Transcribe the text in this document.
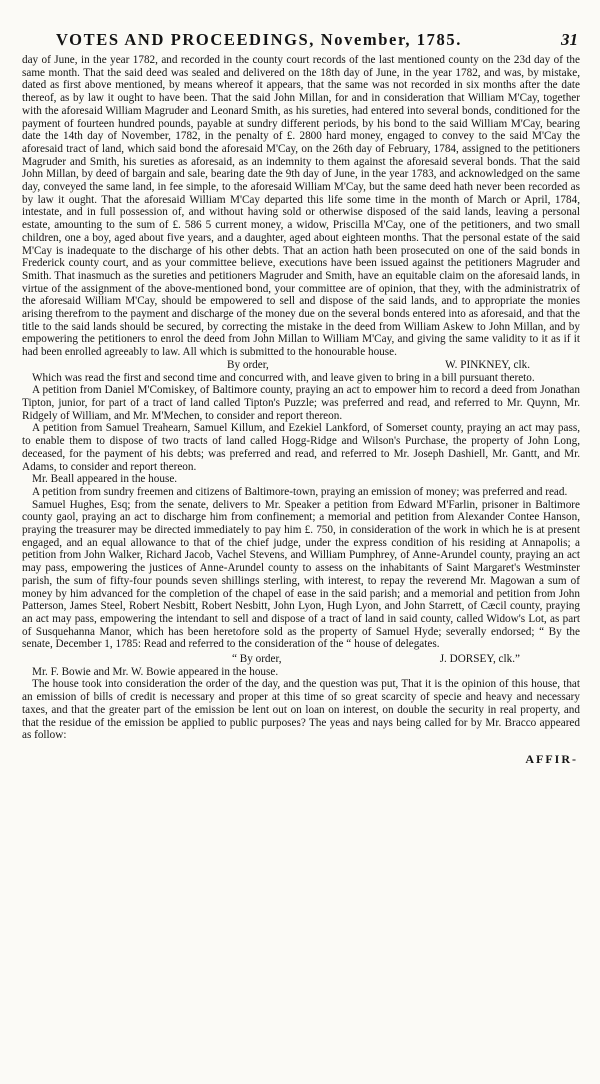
VOTES AND PROCEEDINGS, November, 1785.	31

day of June, in the year 1782, and recorded in the county court records of the last mentioned county on the 23d day of the same month. That the said deed was sealed and delivered on the 18th day of June, in the year 1782, and was, by mistake, dated as first above mentioned, by means whereof it appears, that the same was not recorded in six months after the date thereof, as by law it ought to have been. That the said John Millan, for and in consideration that William M'Cay, together with the aforesaid William Magruder and Leonard Smith, as his sureties, had entered into several bonds, conditioned for the payment of fourteen hundred pounds, payable at sundry different periods, by his bond to the said William M'Cay, bearing date the 14th day of November, 1782, in the penalty of £. 2800 hard money, engaged to convey to the said M'Cay the aforesaid tract of land, which said bond the aforesaid M'Cay, on the 26th day of February, 1784, assigned to the petitioners Magruder and Smith, his sureties as aforesaid, as an indemnity to them against the aforesaid several bonds. That the said John Millan, by deed of bargain and sale, bearing date the 9th day of June, in the year 1783, and acknowledged on the same day, conveyed the same land, in fee simple, to the aforesaid William M'Cay, but the same deed hath never been recorded as by law it ought. That the aforesaid William M'Cay departed this life some time in the month of March or April, 1784, intestate, and in full possession of, and without having sold or otherwise disposed of the said lands, leaving a personal estate, amounting to the sum of £. 586 5 current money, a widow, Priscilla M'Cay, one of the petitioners, and two small children, one a boy, aged about five years, and a daughter, aged about eighteen months. That the personal estate of the said M'Cay is inadequate to the discharge of his other debts. That an action hath been prosecuted on one of the said bonds in Frederick county court, and as your committee believe, executions have been issued against the petitioners Magruder and Smith. That inasmuch as the sureties and petitioners Magruder and Smith, have an equitable claim on the aforesaid lands, in virtue of the assignment of the above-mentioned bond, your committee are of opinion, that they, with the administratrix of the aforesaid William M'Cay, should be empowered to sell and dispose of the said lands, and to appropriate the monies arising therefrom to the payment and discharge of the money due on the several bonds entered into as aforesaid, and that the title to the said lands should be secured, by correcting the mistake in the deed from William Askew to John Millan, and by empowering the petitioners to enrol the deed from John Millan to William M'Cay, and giving the same validity to it as if it had been enrolled agreeably to law. All which is submitted to the honourable house.

By order,	W. PINKNEY, clk.

Which was read the first and second time and concurred with, and leave given to bring in a bill pursuant thereto.

A petition from Daniel M'Comiskey, of Baltimore county, praying an act to empower him to record a deed from Jonathan Tipton, junior, for part of a tract of land called Tipton's Puzzle; was preferred and read, and referred to Mr. Quynn, Mr. Ridgely of William, and Mr. M'Mechen, to consider and report thereon.

A petition from Samuel Treahearn, Samuel Killum, and Ezekiel Lankford, of Somerset county, praying an act may pass, to enable them to dispose of two tracts of land called Hogg-Ridge and Wilson's Purchase, the property of John Long, deceased, for the payment of his debts; was preferred and read, and referred to Mr. Joseph Dashiell, Mr. Gantt, and Mr. Adams, to consider and report thereon.

Mr. Beall appeared in the house.

A petition from sundry freemen and citizens of Baltimore-town, praying an emission of money; was preferred and read.

Samuel Hughes, Esq; from the senate, delivers to Mr. Speaker a petition from Edward M'Farlin, prisoner in Baltimore county gaol, praying an act to discharge him from confinement; a memorial and petition from Alexander Contee Hanson, praying the treasurer may be directed immediately to pay him £. 750, in consideration of the work in which he is at present engaged, and an equal allowance to that of the chief judge, under the express condition of his residing at Annapolis; a petition from John Walker, Richard Jacob, Vachel Stevens, and William Pumphrey, of Anne-Arundel county, praying an act may pass, empowering the justices of Anne-Arundel county to assess on the inhabitants of Saint Margaret's Westminster parish, the sum of fifty-four pounds seven shillings sterling, with interest, to repay the reverend Mr. Magowan a sum of money by him advanced for the completion of the chapel of ease in the said parish; and a memorial and petition from John Patterson, James Steel, Robert Nesbitt, Robert Nesbitt, John Lyon, Hugh Lyon, and John Starrett, of Cæcil county, praying an act may pass, empowering the intendant to sell and dispose of a tract of land in said county, called Widow's Lot, as part of Susquehanna Manor, which has been heretofore sold as the property of Samuel Hyde; severally endorsed; “ By the senate, December 1, 1785: Read and referred to the consideration of the “ house of delegates.

“ By order,	J. DORSEY, clk.”

Mr. F. Bowie and Mr. W. Bowie appeared in the house.

The house took into consideration the order of the day, and the question was put, That it is the opinion of this house, that an emission of bills of credit is necessary and proper at this time of so great scarcity of specie and heavy and necessary taxes, and that the greater part of the emission be lent out on loan on interest, on double the security in real property, and that the residue of the emission be applied to public purposes? The yeas and nays being called for by Mr. Bracco appeared as follow:

AFFIR-
